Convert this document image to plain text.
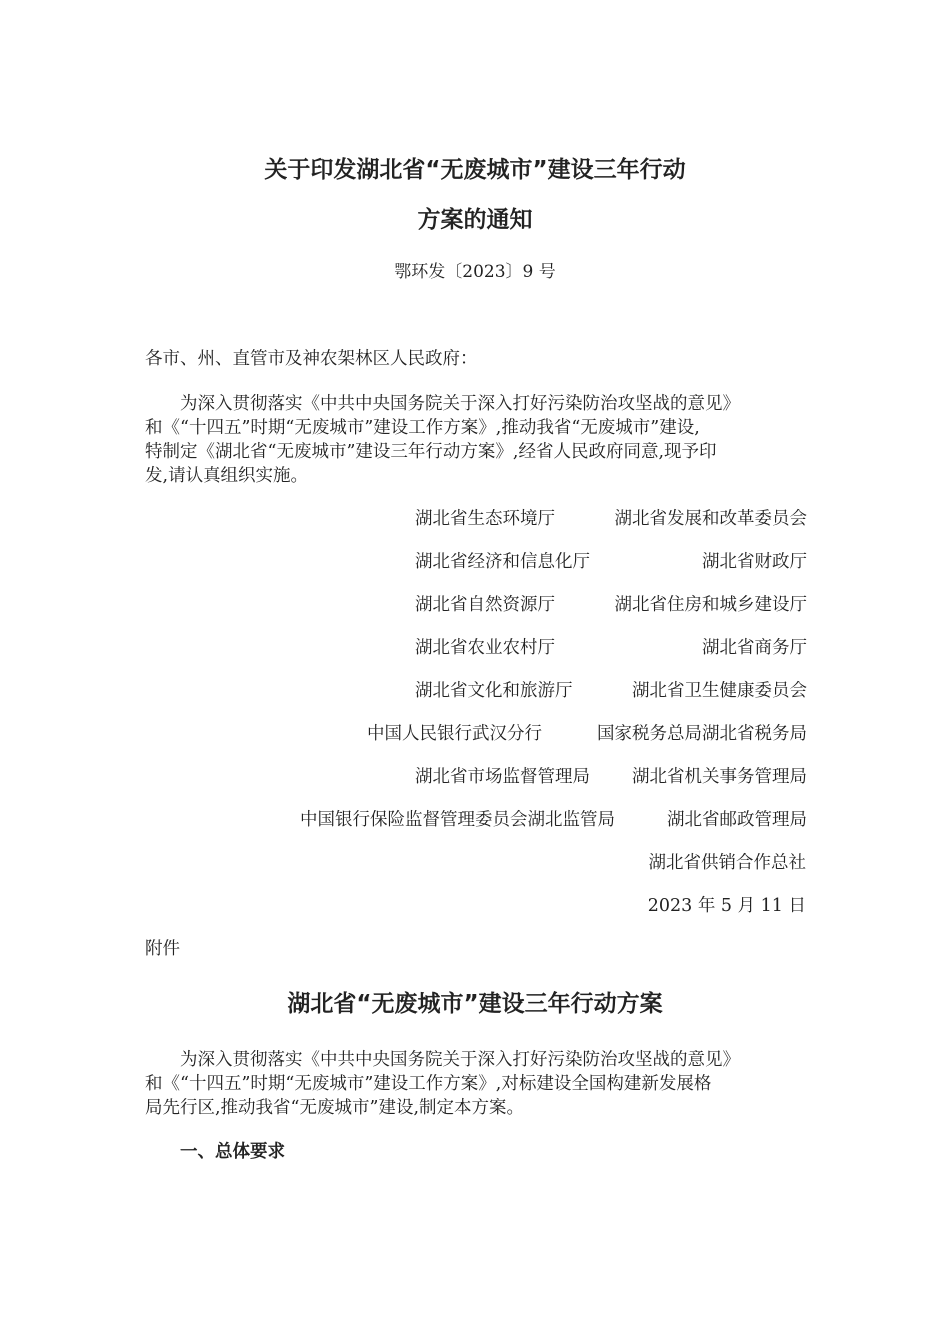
关于印发湖北省“无废城市”建设三年行动
方案的通知
鄂环发〔2023〕9 号
各市、州、直管市及神农架林区人民政府：
为深入贯彻落实《中共中央国务院关于深入打好污染防治攻坚战的意见》
和《“十四五”时期“无废城市”建设工作方案》,推动我省“无废城市”建设,
特制定《湖北省“无废城市”建设三年行动方案》,经省人民政府同意,现予印
发,请认真组织实施。
湖北省生态环境厅	湖北省发展和改革委员会
湖北省经济和信息化厅	湖北省财政厅
湖北省自然资源厅	湖北省住房和城乡建设厅
湖北省农业农村厅	湖北省商务厅
湖北省文化和旅游厅	湖北省卫生健康委员会
中国人民银行武汉分行	国家税务总局湖北省税务局
湖北省市场监督管理局 湖北省机关事务管理局
中国银行保险监督管理委员会湖北监管局	湖北省邮政管理局
湖北省供销合作总社
2023 年 5 月 11 日
附件
湖北省“无废城市”建设三年行动方案
为深入贯彻落实《中共中央国务院关于深入打好污染防治攻坚战的意见》
和《“十四五”时期“无废城市”建设工作方案》,对标建设全国构建新发展格
局先行区,推动我省“无废城市”建设,制定本方案。
一、总体要求
